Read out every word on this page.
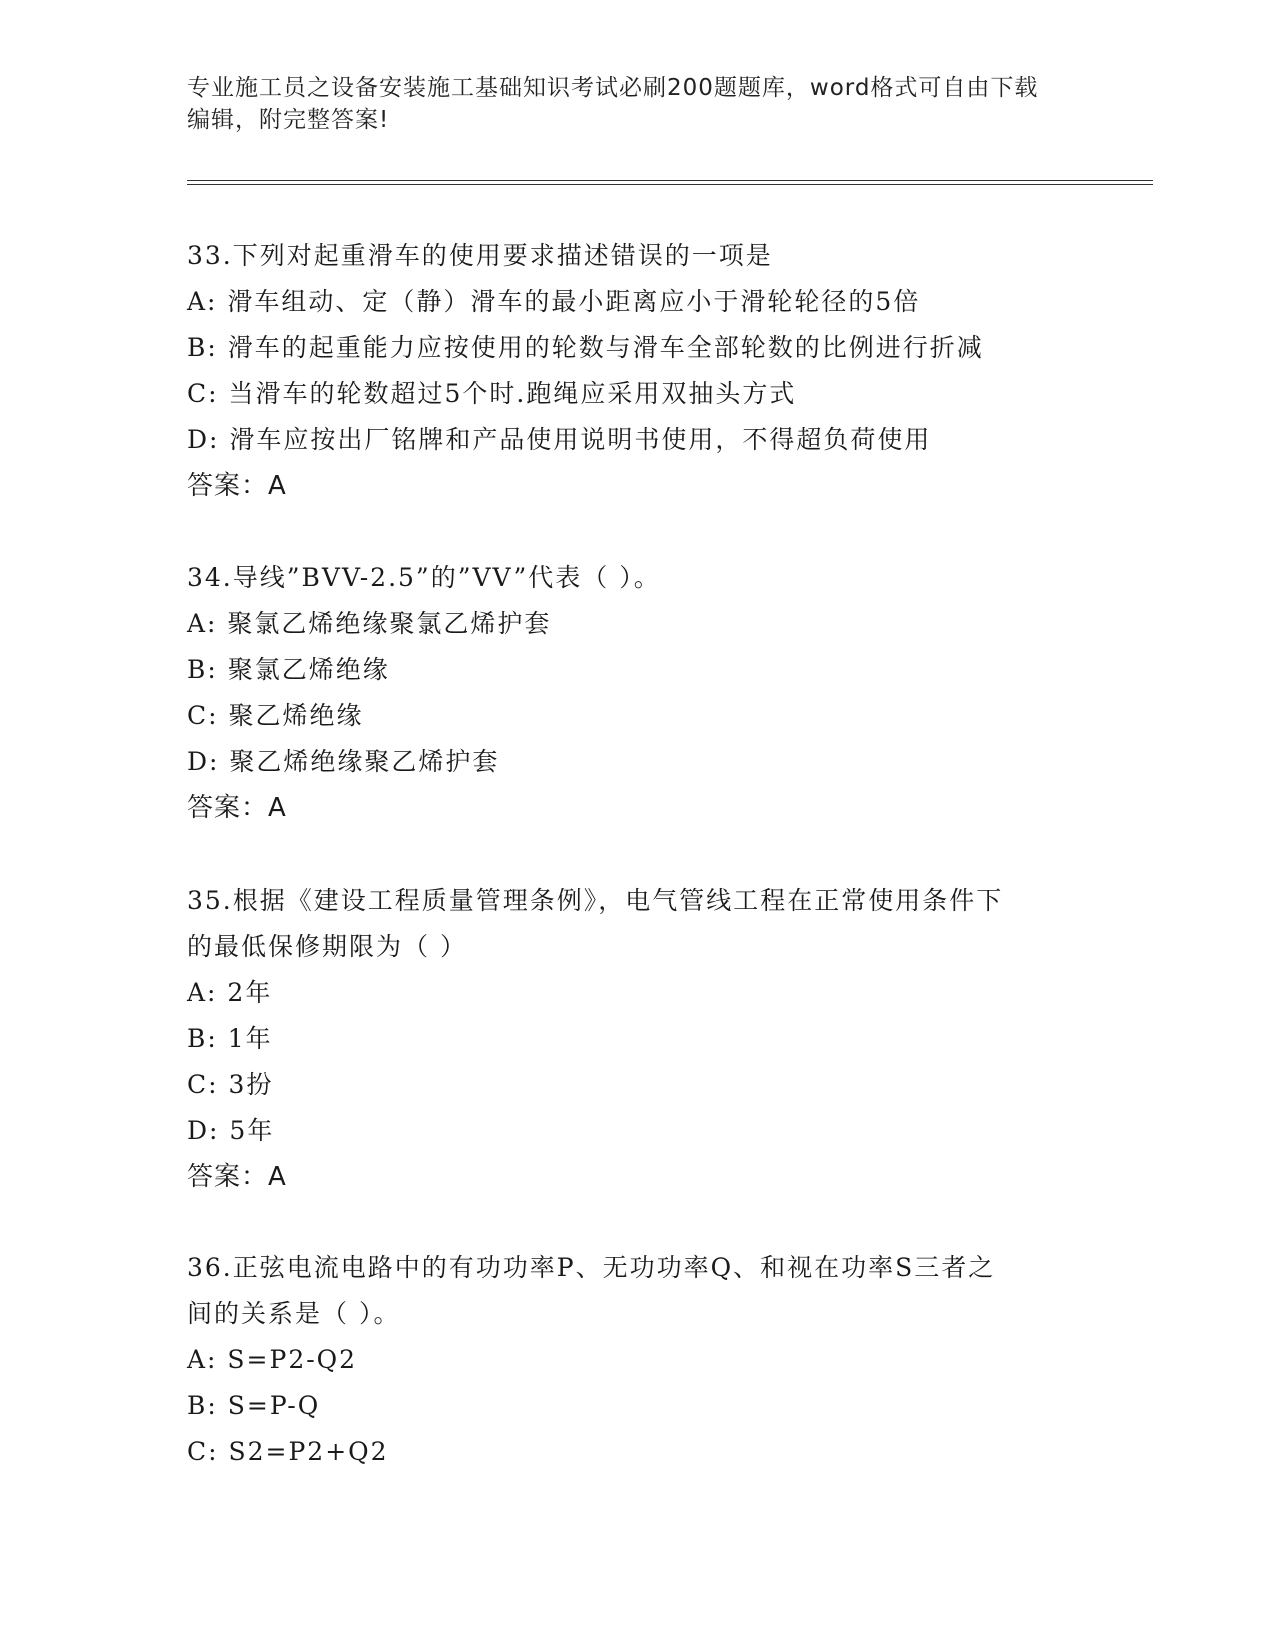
专业施工员之设备安装施工基础知识考试必刷200题题库，word格式可自由下载
编辑，附完整答案!
33.下列对起重滑车的使用要求描述错误的一项是
A: 滑车组动、定（静）滑车的最小距离应小于滑轮轮径的5倍
B: 滑车的起重能力应按使用的轮数与滑车全部轮数的比例进行折减
C: 当滑车的轮数超过5个时.跑绳应采用双抽头方式
D: 滑车应按出厂铭牌和产品使用说明书使用，不得超负荷使用
答案：A
34.导线”BVV-2.5”的”VV”代表（ ）。
A: 聚氯乙烯绝缘聚氯乙烯护套
B: 聚氯乙烯绝缘
C: 聚乙烯绝缘
D: 聚乙烯绝缘聚乙烯护套
答案：A
35.根据《建设工程质量管理条例》，电气管线工程在正常使用条件下
的最低保修期限为（ ）
A: 2年
B: 1年
C: 3扮
D: 5年
答案：A
36.正弦电流电路中的有功功率P、无功功率Q、和视在功率S三者之
间的关系是（ ）。
A: S=P2-Q2
B: S=P-Q
C: S2=P2+Q2
